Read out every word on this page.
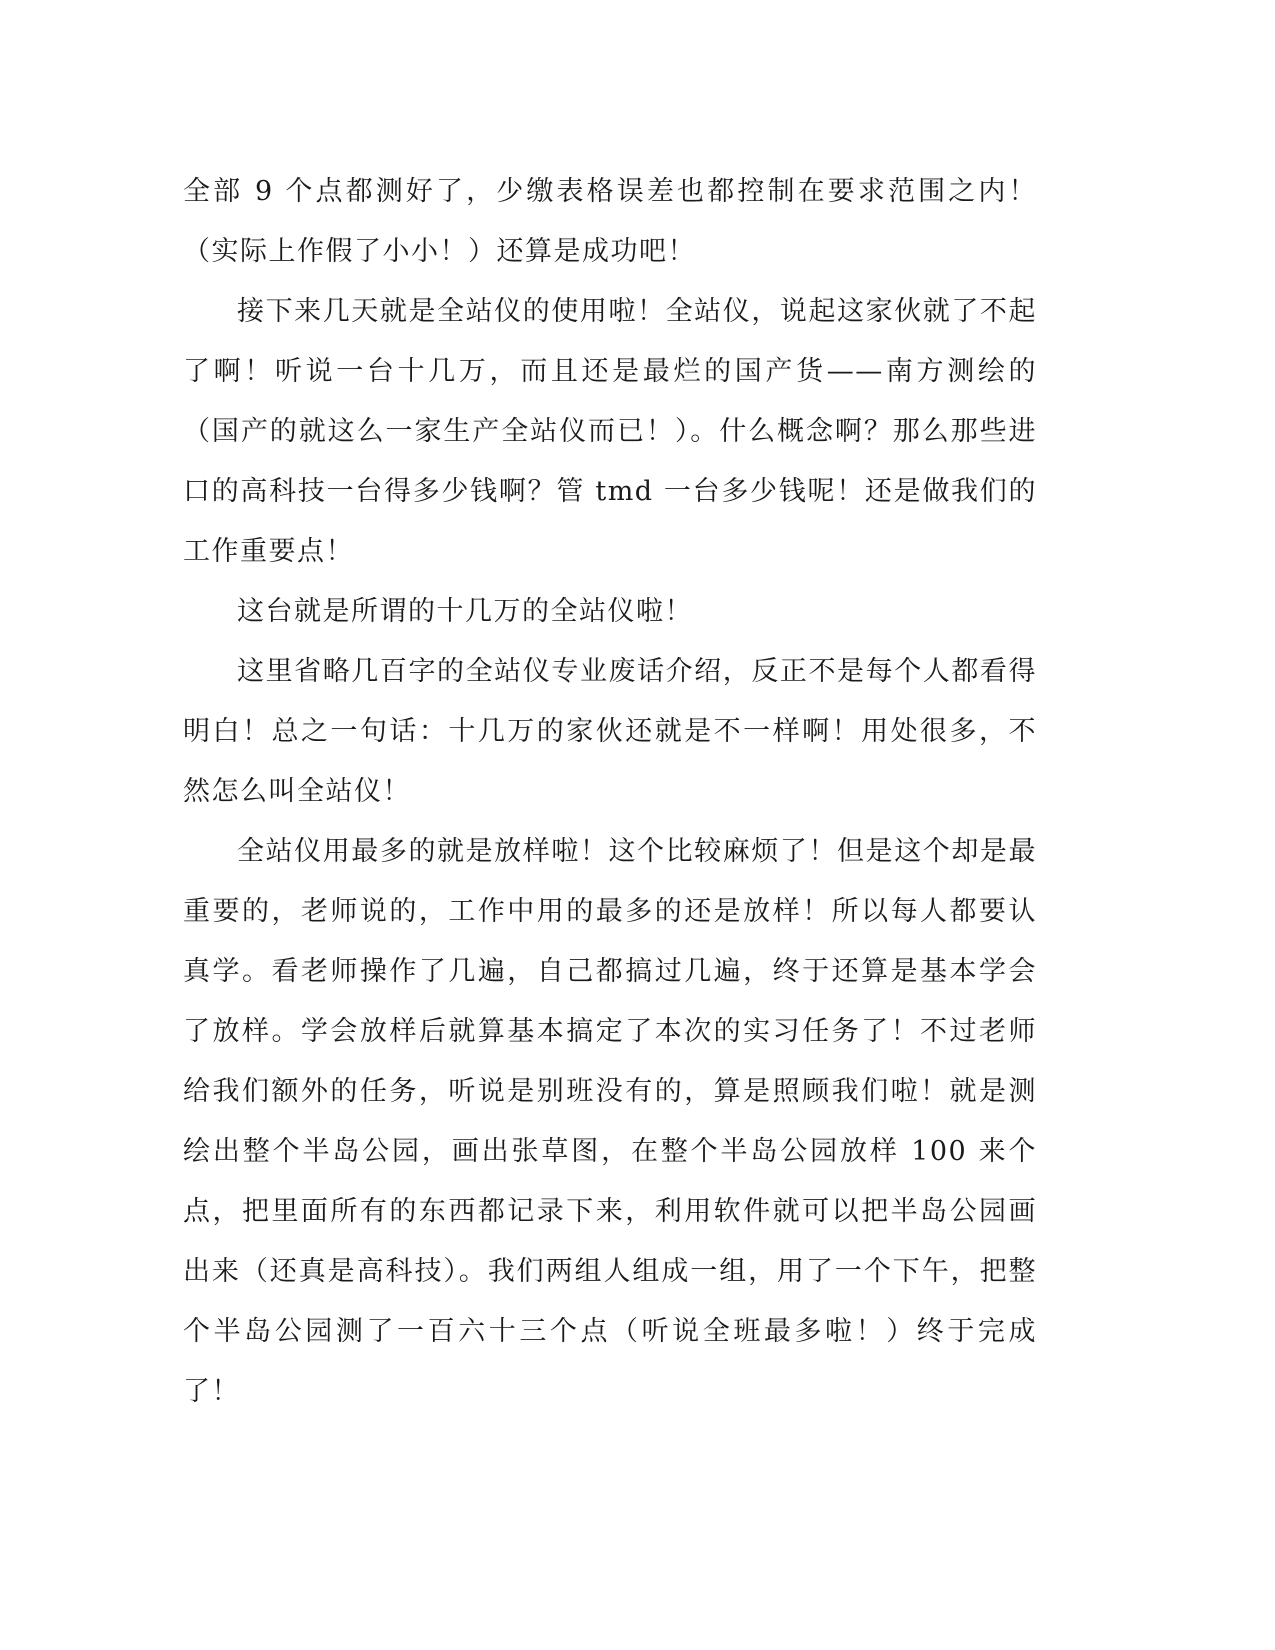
全部 9 个点都测好了，少缴表格误差也都控制在要求范围之内！（实际上作假了小小！）还算是成功吧！

接下来几天就是全站仪的使用啦！全站仪，说起这家伙就了不起了啊！听说一台十几万，而且还是最烂的国产货——南方测绘的（国产的就这么一家生产全站仪而已！）。什么概念啊？那么那些进口的高科技一台得多少钱啊？管 tmd 一台多少钱呢！还是做我们的工作重要点！

这台就是所谓的十几万的全站仪啦！

这里省略几百字的全站仪专业废话介绍，反正不是每个人都看得明白！总之一句话：十几万的家伙还就是不一样啊！用处很多，不然怎么叫全站仪！

全站仪用最多的就是放样啦！这个比较麻烦了！但是这个却是最重要的，老师说的，工作中用的最多的还是放样！所以每人都要认真学。看老师操作了几遍，自己都搞过几遍，终于还算是基本学会了放样。学会放样后就算基本搞定了本次的实习任务了！不过老师给我们额外的任务，听说是别班没有的，算是照顾我们啦！就是测绘出整个半岛公园，画出张草图，在整个半岛公园放样 100 来个点，把里面所有的东西都记录下来，利用软件就可以把半岛公园画出来（还真是高科技）。我们两组人组成一组，用了一个下午，把整个半岛公园测了一百六十三个点（听说全班最多啦！）终于完成了！
